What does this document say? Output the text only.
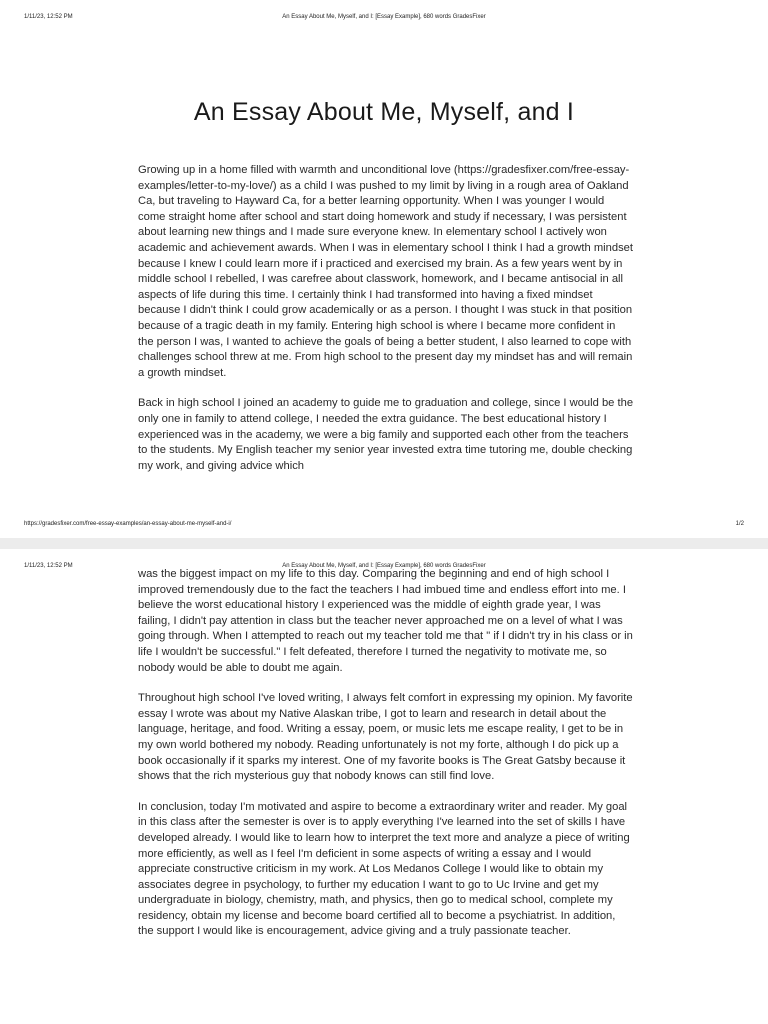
1/11/23, 12:52 PM	An Essay About Me, Myself, and I: [Essay Example], 680 words GradesFixer
An Essay About Me, Myself, and I

Growing up in a home filled with warmth and unconditional love (https://gradesfixer.com/free-essay-examples/letter-to-my-love/) as a child I was pushed to my limit by living in a rough area of Oakland Ca, but traveling to Hayward Ca, for a better learning opportunity. When I was younger I would come straight home after school and start doing homework and study if necessary, I was persistent about learning new things and I made sure everyone knew. In elementary school I actively won academic and achievement awards. When I was in elementary school I think I had a growth mindset because I knew I could learn more if i practiced and exercised my brain. As a few years went by in middle school I rebelled, I was carefree about classwork, homework, and I became antisocial in all aspects of life during this time. I certainly think I had transformed into having a fixed mindset because I didn't think I could grow academically or as a person. I thought I was stuck in that position because of a tragic death in my family. Entering high school is where I became more confident in the person I was, I wanted to achieve the goals of being a better student, I also learned to cope with challenges school threw at me. From high school to the present day my mindset has and will remain a growth mindset.

Back in high school I joined an academy to guide me to graduation and college, since I would be the only one in family to attend college, I needed the extra guidance. The best educational history I experienced was in the academy, we were a big family and supported each other from the teachers to the students. My English teacher my senior year invested extra time tutoring me, double checking my work, and giving advice which

https://gradesfixer.com/free-essay-examples/an-essay-about-me-myself-and-i/	1/2
1/11/23, 12:52 PM	An Essay About Me, Myself, and I: [Essay Example], 680 words GradesFixer

was the biggest impact on my life to this day. Comparing the beginning and end of high school I improved tremendously due to the fact the teachers I had imbued time and endless effort into me. I believe the worst educational history I experienced was the middle of eighth grade year, I was failing, I didn't pay attention in class but the teacher never approached me on a level of what I was going through. When I attempted to reach out my teacher told me that " if I didn't try in his class or in life I wouldn't be successful." I felt defeated, therefore I turned the negativity to motivate me, so nobody would be able to doubt me again.

Throughout high school I've loved writing, I always felt comfort in expressing my opinion. My favorite essay I wrote was about my Native Alaskan tribe, I got to learn and research in detail about the language, heritage, and food. Writing a essay, poem, or music lets me escape reality, I get to be in my own world bothered my nobody. Reading unfortunately is not my forte, although I do pick up a book occasionally if it sparks my interest. One of my favorite books is The Great Gatsby because it shows that the rich mysterious guy that nobody knows can still find love.

In conclusion, today I'm motivated and aspire to become a extraordinary writer and reader. My goal in this class after the semester is over is to apply everything I've learned into the set of skills I have developed already. I would like to learn how to interpret the text more and analyze a piece of writing more efficiently, as well as I feel I'm deficient in some aspects of writing a essay and I would appreciate constructive criticism in my work. At Los Medanos College I would like to obtain my associates degree in psychology, to further my education I want to go to Uc Irvine and get my undergraduate in biology, chemistry, math, and physics, then go to medical school, complete my residency, obtain my license and become board certified all to become a psychiatrist. In addition, the support I would like is encouragement, advice giving and a truly passionate teacher.
